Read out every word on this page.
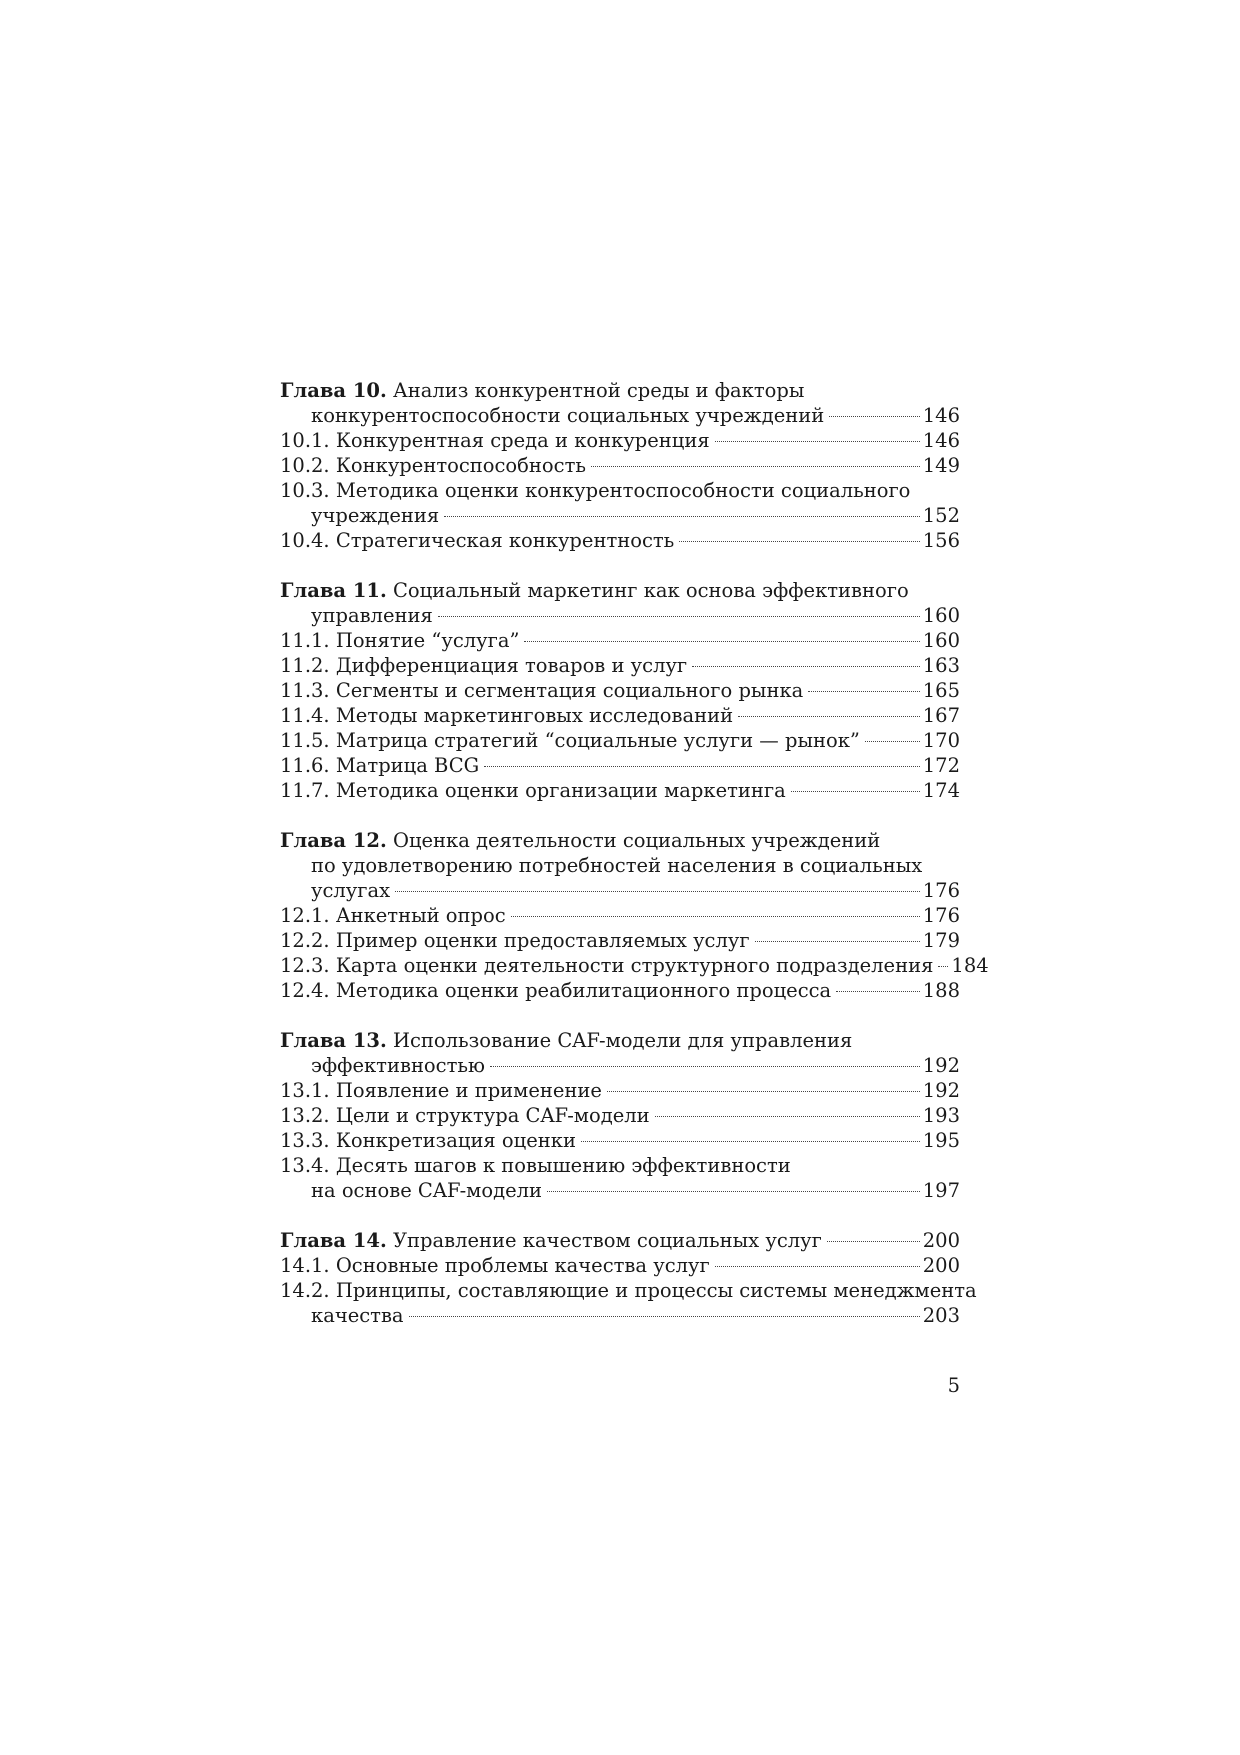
Глава 10. Анализ конкурентной среды и факторы
конкурентоспособности социальных учреждений	146
10.1. Конкурентная среда и конкуренция	146
10.2. Конкурентоспособность	149
10.3. Методика оценки конкурентоспособности социального
учреждения	152
10.4. Стратегическая конкурентность	156
Глава 11. Социальный маркетинг как основа эффективного
управления	160
11.1. Понятие “услуга”	160
11.2. Дифференциация товаров и услуг	163
11.3. Сегменты и сегментация социального рынка	165
11.4. Методы маркетинговых исследований	167
11.5. Матрица стратегий “социальные услуги — рынок”	170
11.6. Матрица BCG	172
11.7. Методика оценки организации маркетинга	174
Глава 12. Оценка деятельности социальных учреждений
по удовлетворению потребностей населения в социальных
услугах	176
12.1. Анкетный опрос	176
12.2. Пример оценки предоставляемых услуг	179
12.3. Карта оценки деятельности структурного подразделения 184
12.4. Методика оценки реабилитационного процесса	188
Глава 13. Использование CAF-модели для управления
эффективностью	192
13.1. Появление и применение	192
13.2. Цели и структура CAF-модели	193
13.3. Конкретизация оценки	195
13.4. Десять шагов к повышению эффективности
на основе CAF-модели	197
Глава 14. Управление качеством социальных услуг	200
14.1. Основные проблемы качества услуг	200
14.2. Принципы, составляющие и процессы системы менеджмента
качества	203
5
